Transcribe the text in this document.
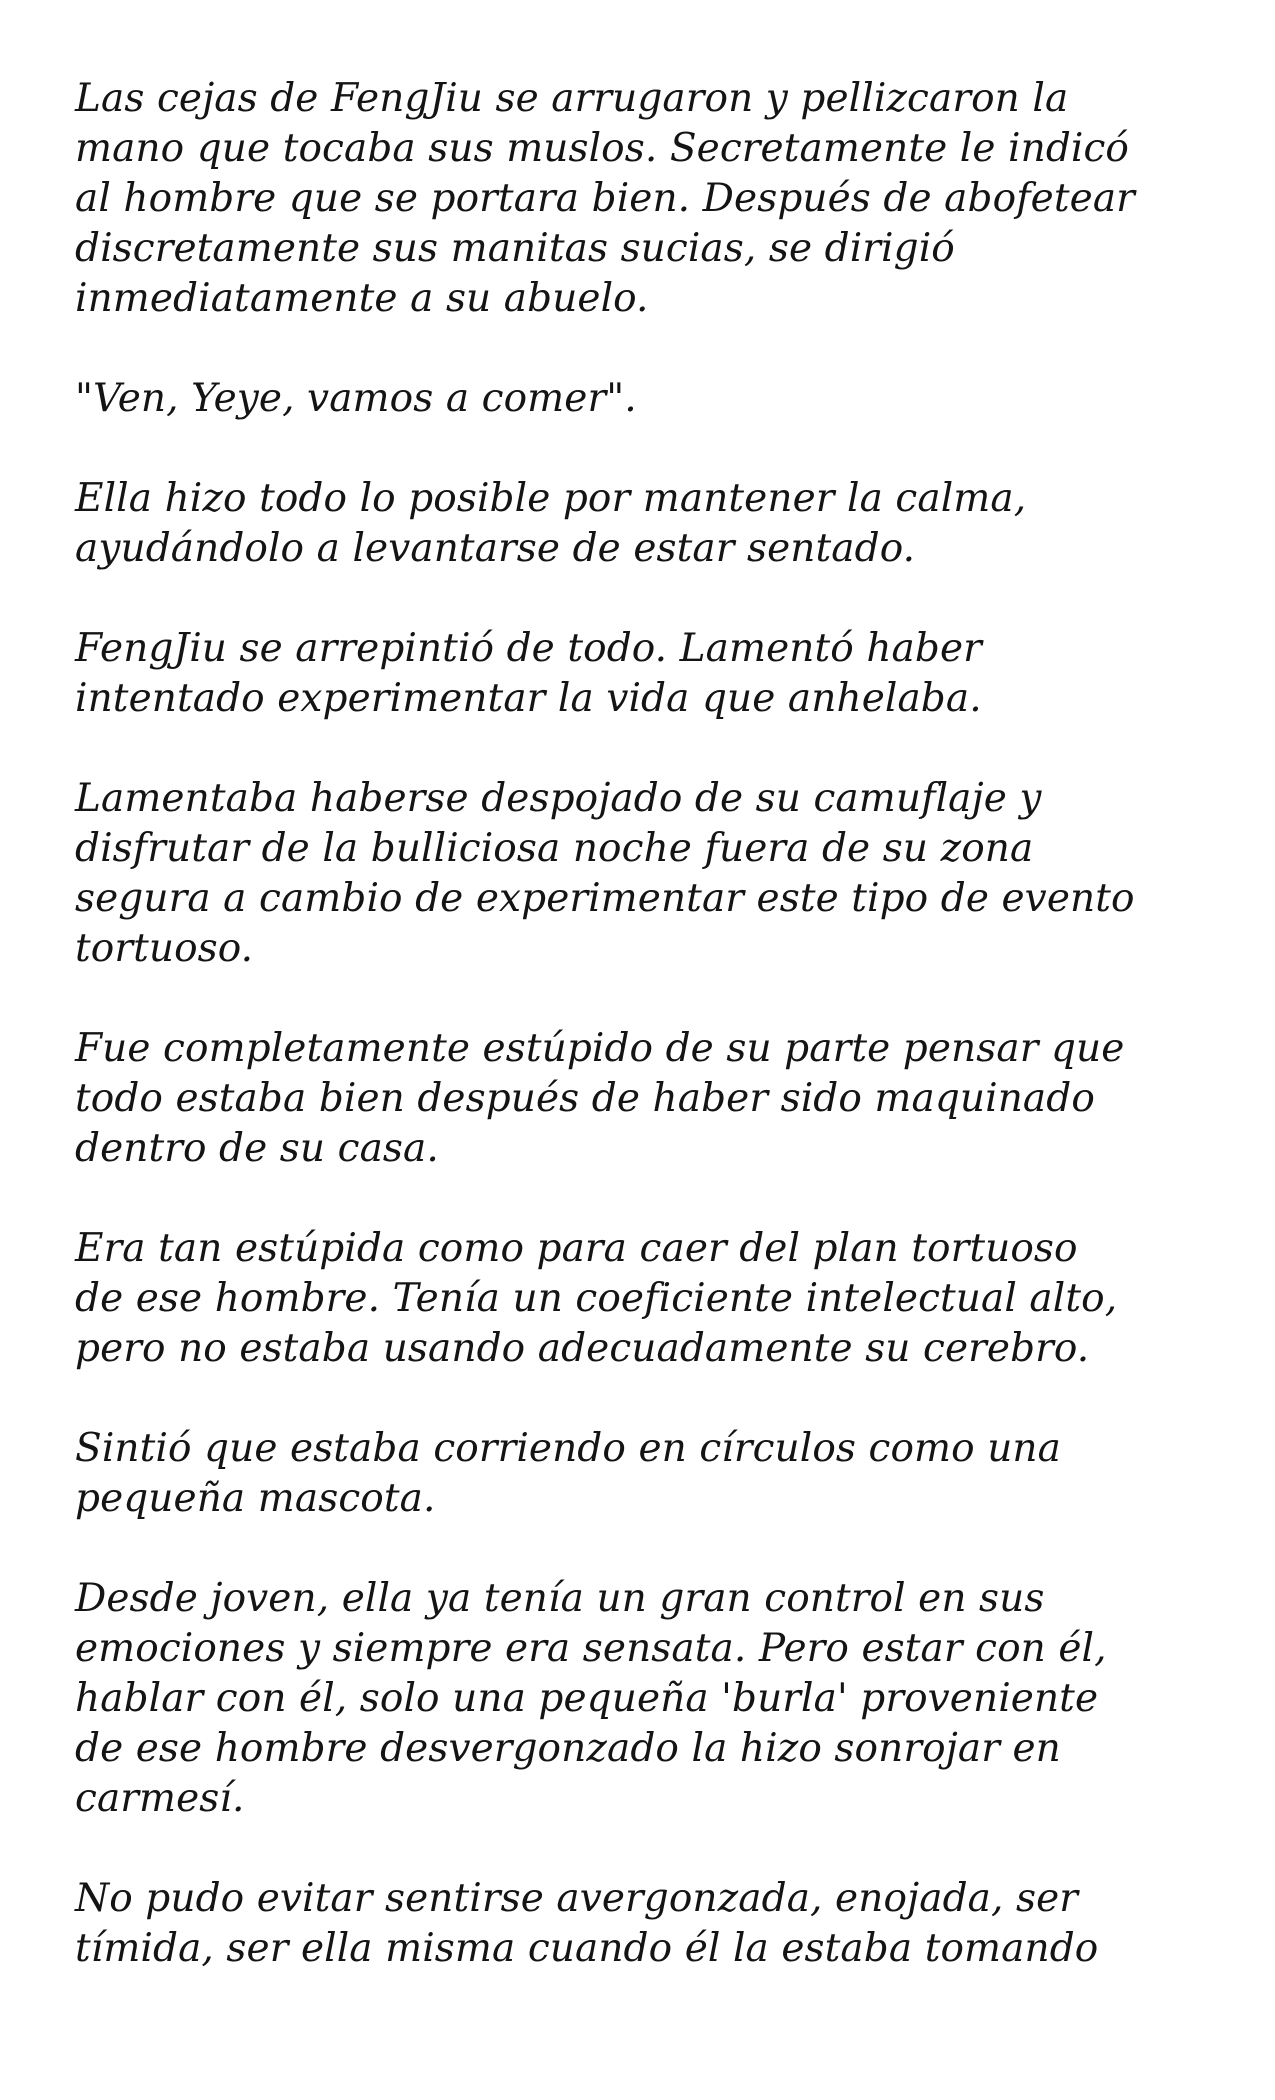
Las cejas de FengJiu se arrugaron y pellizcaron la
mano que tocaba sus muslos. Secretamente le indicó
al hombre que se portara bien. Después de abofetear
discretamente sus manitas sucias, se dirigió
inmediatamente a su abuelo.

"Ven, Yeye, vamos a comer".

Ella hizo todo lo posible por mantener la calma,
ayudándolo a levantarse de estar sentado.

FengJiu se arrepintió de todo. Lamentó haber
intentado experimentar la vida que anhelaba.

Lamentaba haberse despojado de su camuflaje y
disfrutar de la bulliciosa noche fuera de su zona
segura a cambio de experimentar este tipo de evento
tortuoso.

Fue completamente estúpido de su parte pensar que
todo estaba bien después de haber sido maquinado
dentro de su casa.

Era tan estúpida como para caer del plan tortuoso
de ese hombre. Tenía un coeficiente intelectual alto,
pero no estaba usando adecuadamente su cerebro.

Sintió que estaba corriendo en círculos como una
pequeña mascota.

Desde joven, ella ya tenía un gran control en sus
emociones y siempre era sensata. Pero estar con él,
hablar con él, solo una pequeña 'burla' proveniente
de ese hombre desvergonzado la hizo sonrojar en
carmesí.

No pudo evitar sentirse avergonzada, enojada, ser
tímida, ser ella misma cuando él la estaba tomando
